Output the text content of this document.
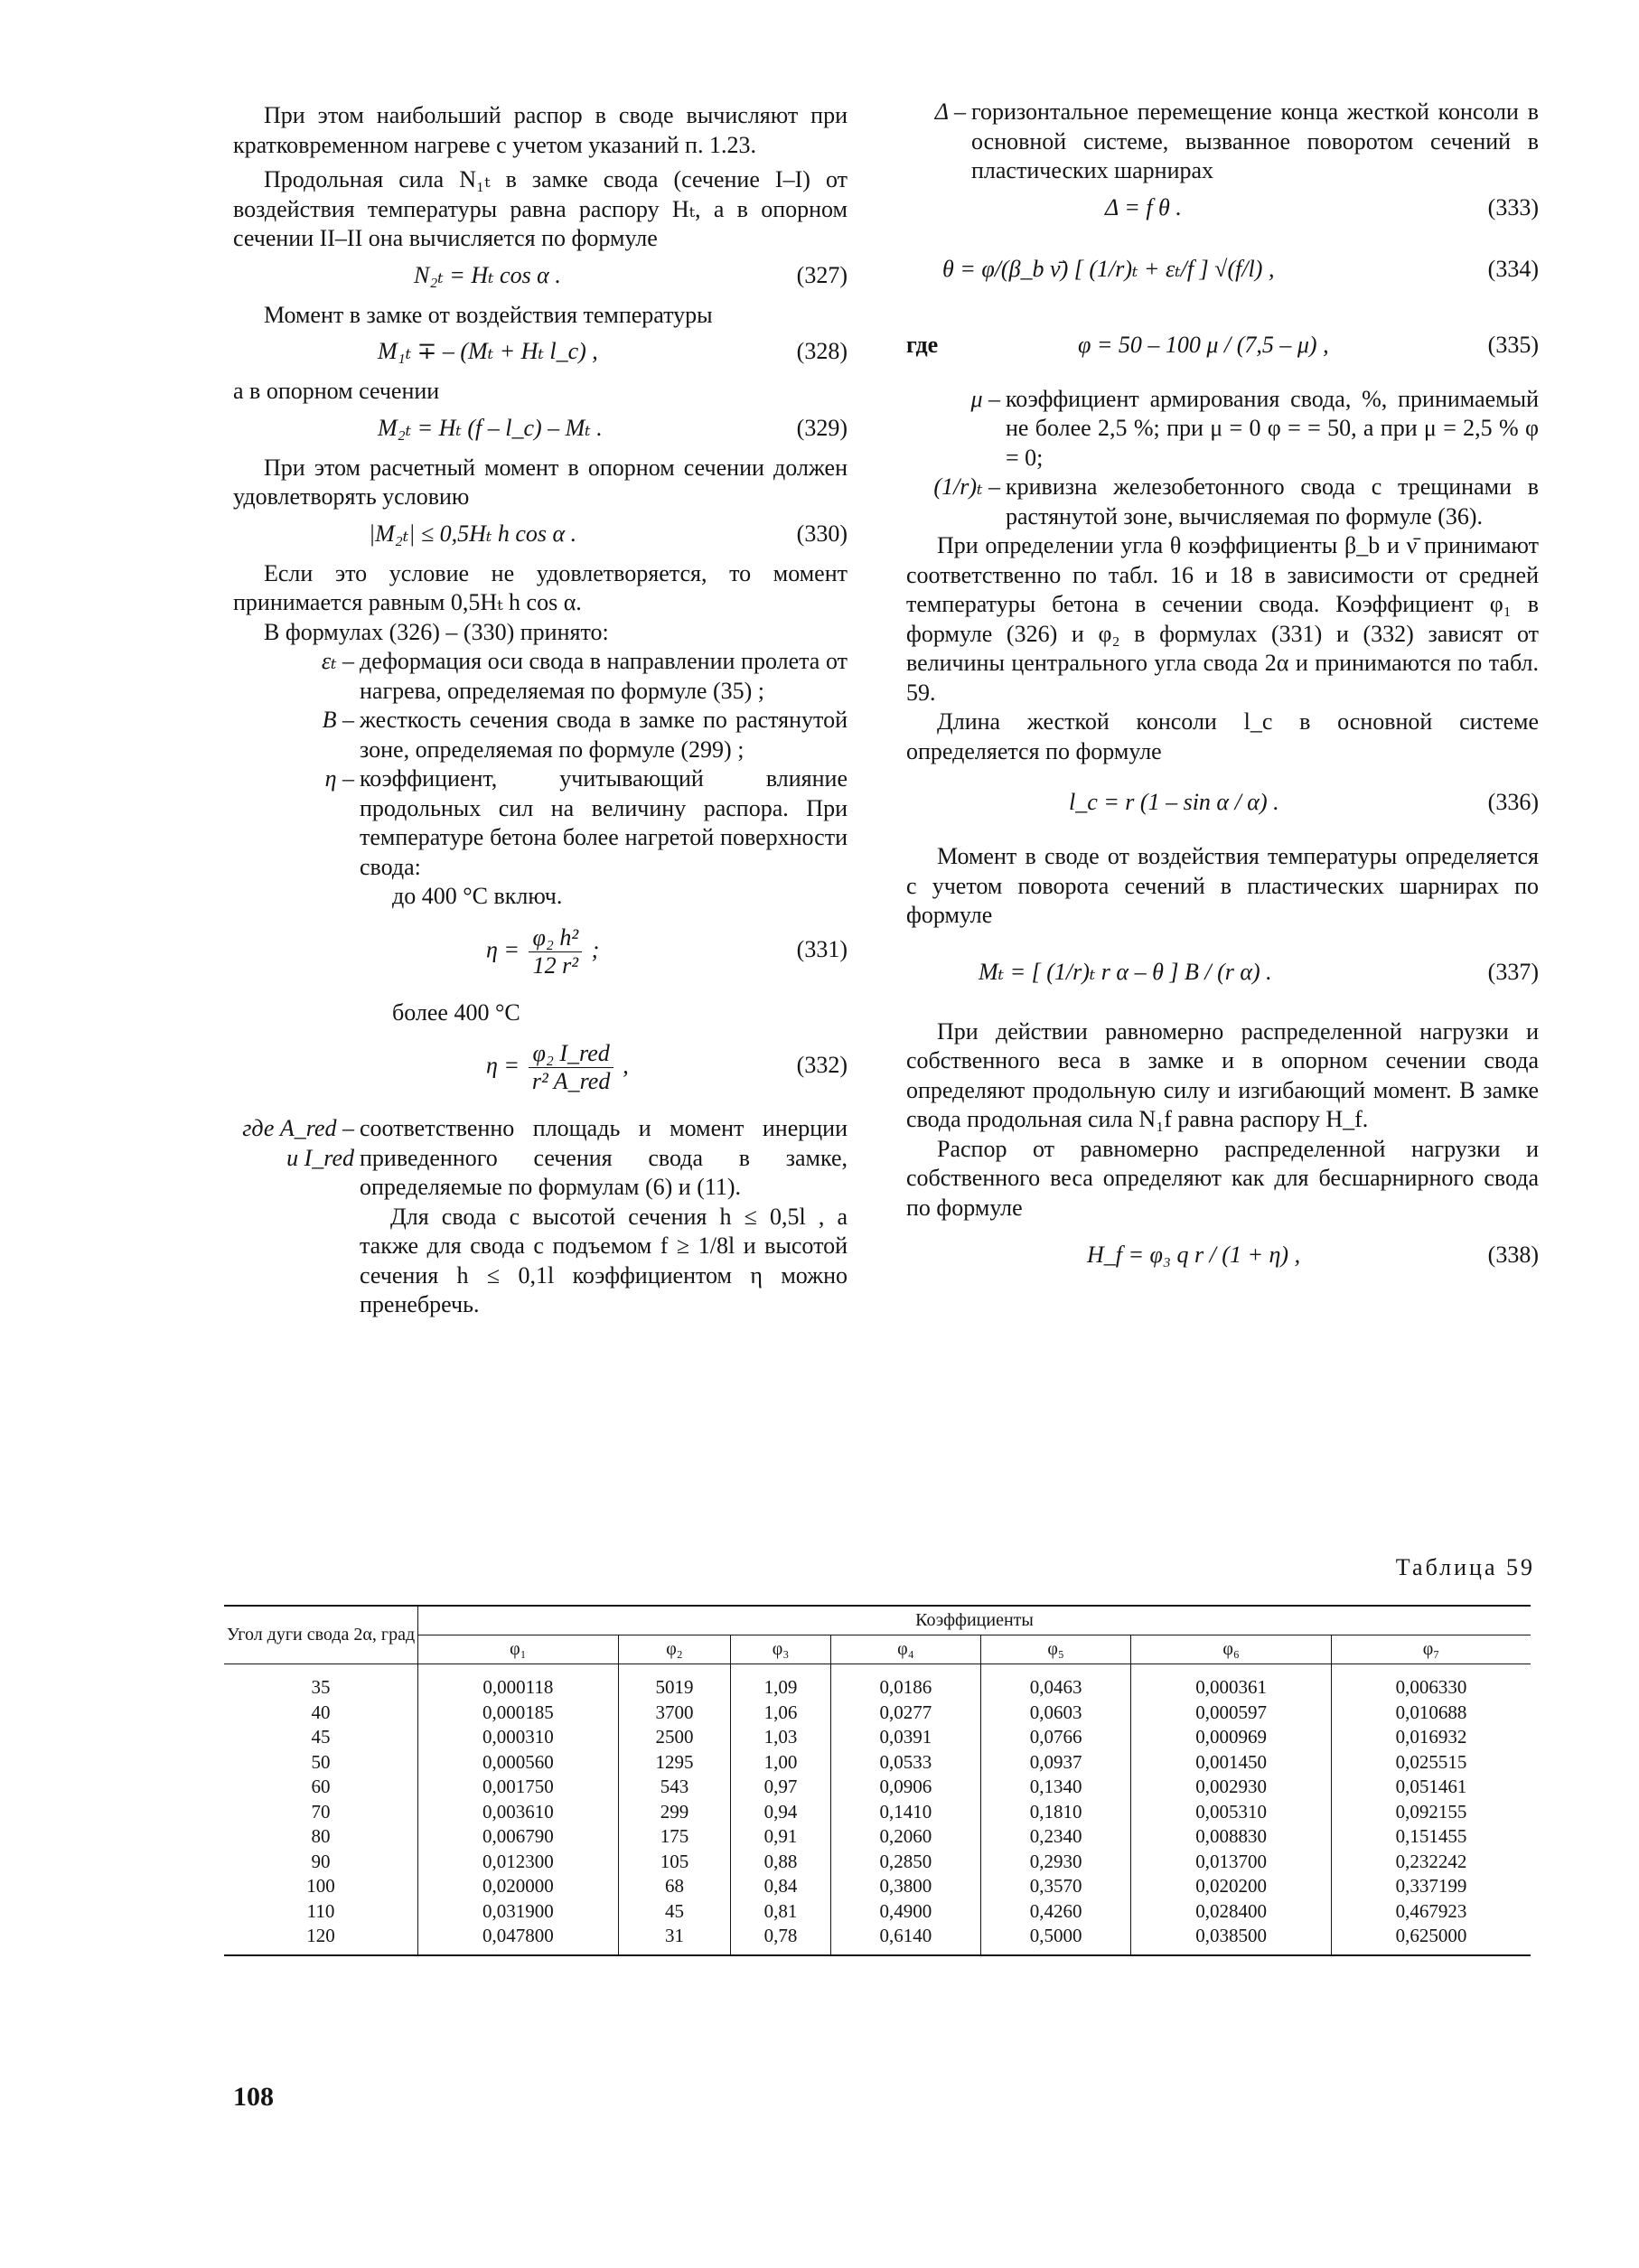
При этом наибольший распор в своде вычисляют при кратковременном нагреве с учетом указаний п. 1.23.

Продольная сила N₁ₜ в замке свода (сечение I–I) от воздействия температуры равна распору Hₜ, а в опорном сечении II–II она вычисляется по формуле

N₂ₜ = Hₜ cos α .	(327)

Момент в замке от воздействия температуры

M₁ₜ ∓ – (Mₜ + Hₜ l_c) ,	(328)

а в опорном сечении

M₂ₜ = Hₜ (f – l_c) – Mₜ .	(329)

При этом расчетный момент в опорном сечении должен удовлетворять условию

|M₂ₜ| ≤ 0,5Hₜ h cos α .	(330)

Если это условие не удовлетворяется, то момент принимается равным 0,5Hₜ h cos α.

В формулах (326) – (330) принято:

εₜ – деформация оси свода в направлении пролета от нагрева, определяемая по формуле (35) ;
B – жесткость сечения свода в замке по растянутой зоне, определяемая по формуле (299) ;
η – коэффициент, учитывающий влияние продольных сил на величину распора. При температуре бетона более нагретой поверхности свода:

до 400 °С включ.

$\eta = \frac{\text{φ₂ h²}}{\text{12 r²}}$ ;	(331)

более 400 °С

$\eta = \frac{\text{φ₂ I\_red}}{\text{r² A\_red}}$ ,	(332)
где A_red – и I_red
соответственно площадь и момент инерции приведенного сечения свода в замке, определяемые по формулам (6) и (11).

Для свода с высотой сечения h ≤ 0,5l , а также для свода с подъемом f ≥ 1/8l и высотой сечения h ≤ 0,1l коэффициентом η можно пренебречь.

Δ – горизонтальное перемещение конца жесткой консоли в основной системе, вызванное поворотом сечений в пластических шарнирах
Δ = f θ .	(333)
θ = φ/(β_b ν̄) [ (1/r)ₜ + εₜ/f ] √(f/l) ,	(334)
где	φ = 50 – 100 μ / (7,5 – μ) ,	(335)
μ – коэффициент армирования свода, %, принимаемый не более 2,5 %; при μ = 0 φ = = 50, а при μ = 2,5 % φ = 0;
(1/r)ₜ – кривизна железобетонного свода с трещинами в растянутой зоне, вычисляемая по формуле (36).

При определении угла θ коэффициенты β_b и ν̄ принимают соответственно по табл. 16 и 18 в зависимости от средней температуры бетона в сечении свода. Коэффициент φ₁ в формуле (326) и φ₂ в формулах (331) и (332) зависят от величины центрального угла свода 2α и принимаются по табл. 59.

Длина жесткой консоли l_c в основной системе определяется по формуле

l_c = r (1 – sin α / α) .	(336)

Момент в своде от воздействия температуры определяется с учетом поворота сечений в пластических шарнирах по формуле

Mₜ = [ (1/r)ₜ r α – θ ] B / (r α) .	(337)

При действии равномерно распределенной нагрузки и собственного веса в замке и в опорном сечении свода определяют продольную силу и изгибающий момент. В замке свода продольная сила N₁f равна распору H_f.

Распор от равномерно распределенной нагрузки и собственного веса определяют как для бесшарнирного свода по формуле

H_f = φ₃ q r / (1 + η) ,	(338)
Таблица 59
Угол дуги свода 2α, град	Коэффициенты						
	φ₁	φ₂	φ₃	φ₄	φ₅	φ₆	φ₇
35	0,000118	5019	1,09	0,0186	0,0463	0,000361	0,006330
40	0,000185	3700	1,06	0,0277	0,0603	0,000597	0,010688
45	0,000310	2500	1,03	0,0391	0,0766	0,000969	0,016932
50	0,000560	1295	1,00	0,0533	0,0937	0,001450	0,025515
60	0,001750	543	0,97	0,0906	0,1340	0,002930	0,051461
70	0,003610	299	0,94	0,1410	0,1810	0,005310	0,092155
80	0,006790	175	0,91	0,2060	0,2340	0,008830	0,151455
90	0,012300	105	0,88	0,2850	0,2930	0,013700	0,232242
100	0,020000	68	0,84	0,3800	0,3570	0,020200	0,337199
110	0,031900	45	0,81	0,4900	0,4260	0,028400	0,467923
120	0,047800	31	0,78	0,6140	0,5000	0,038500	0,625000
108
